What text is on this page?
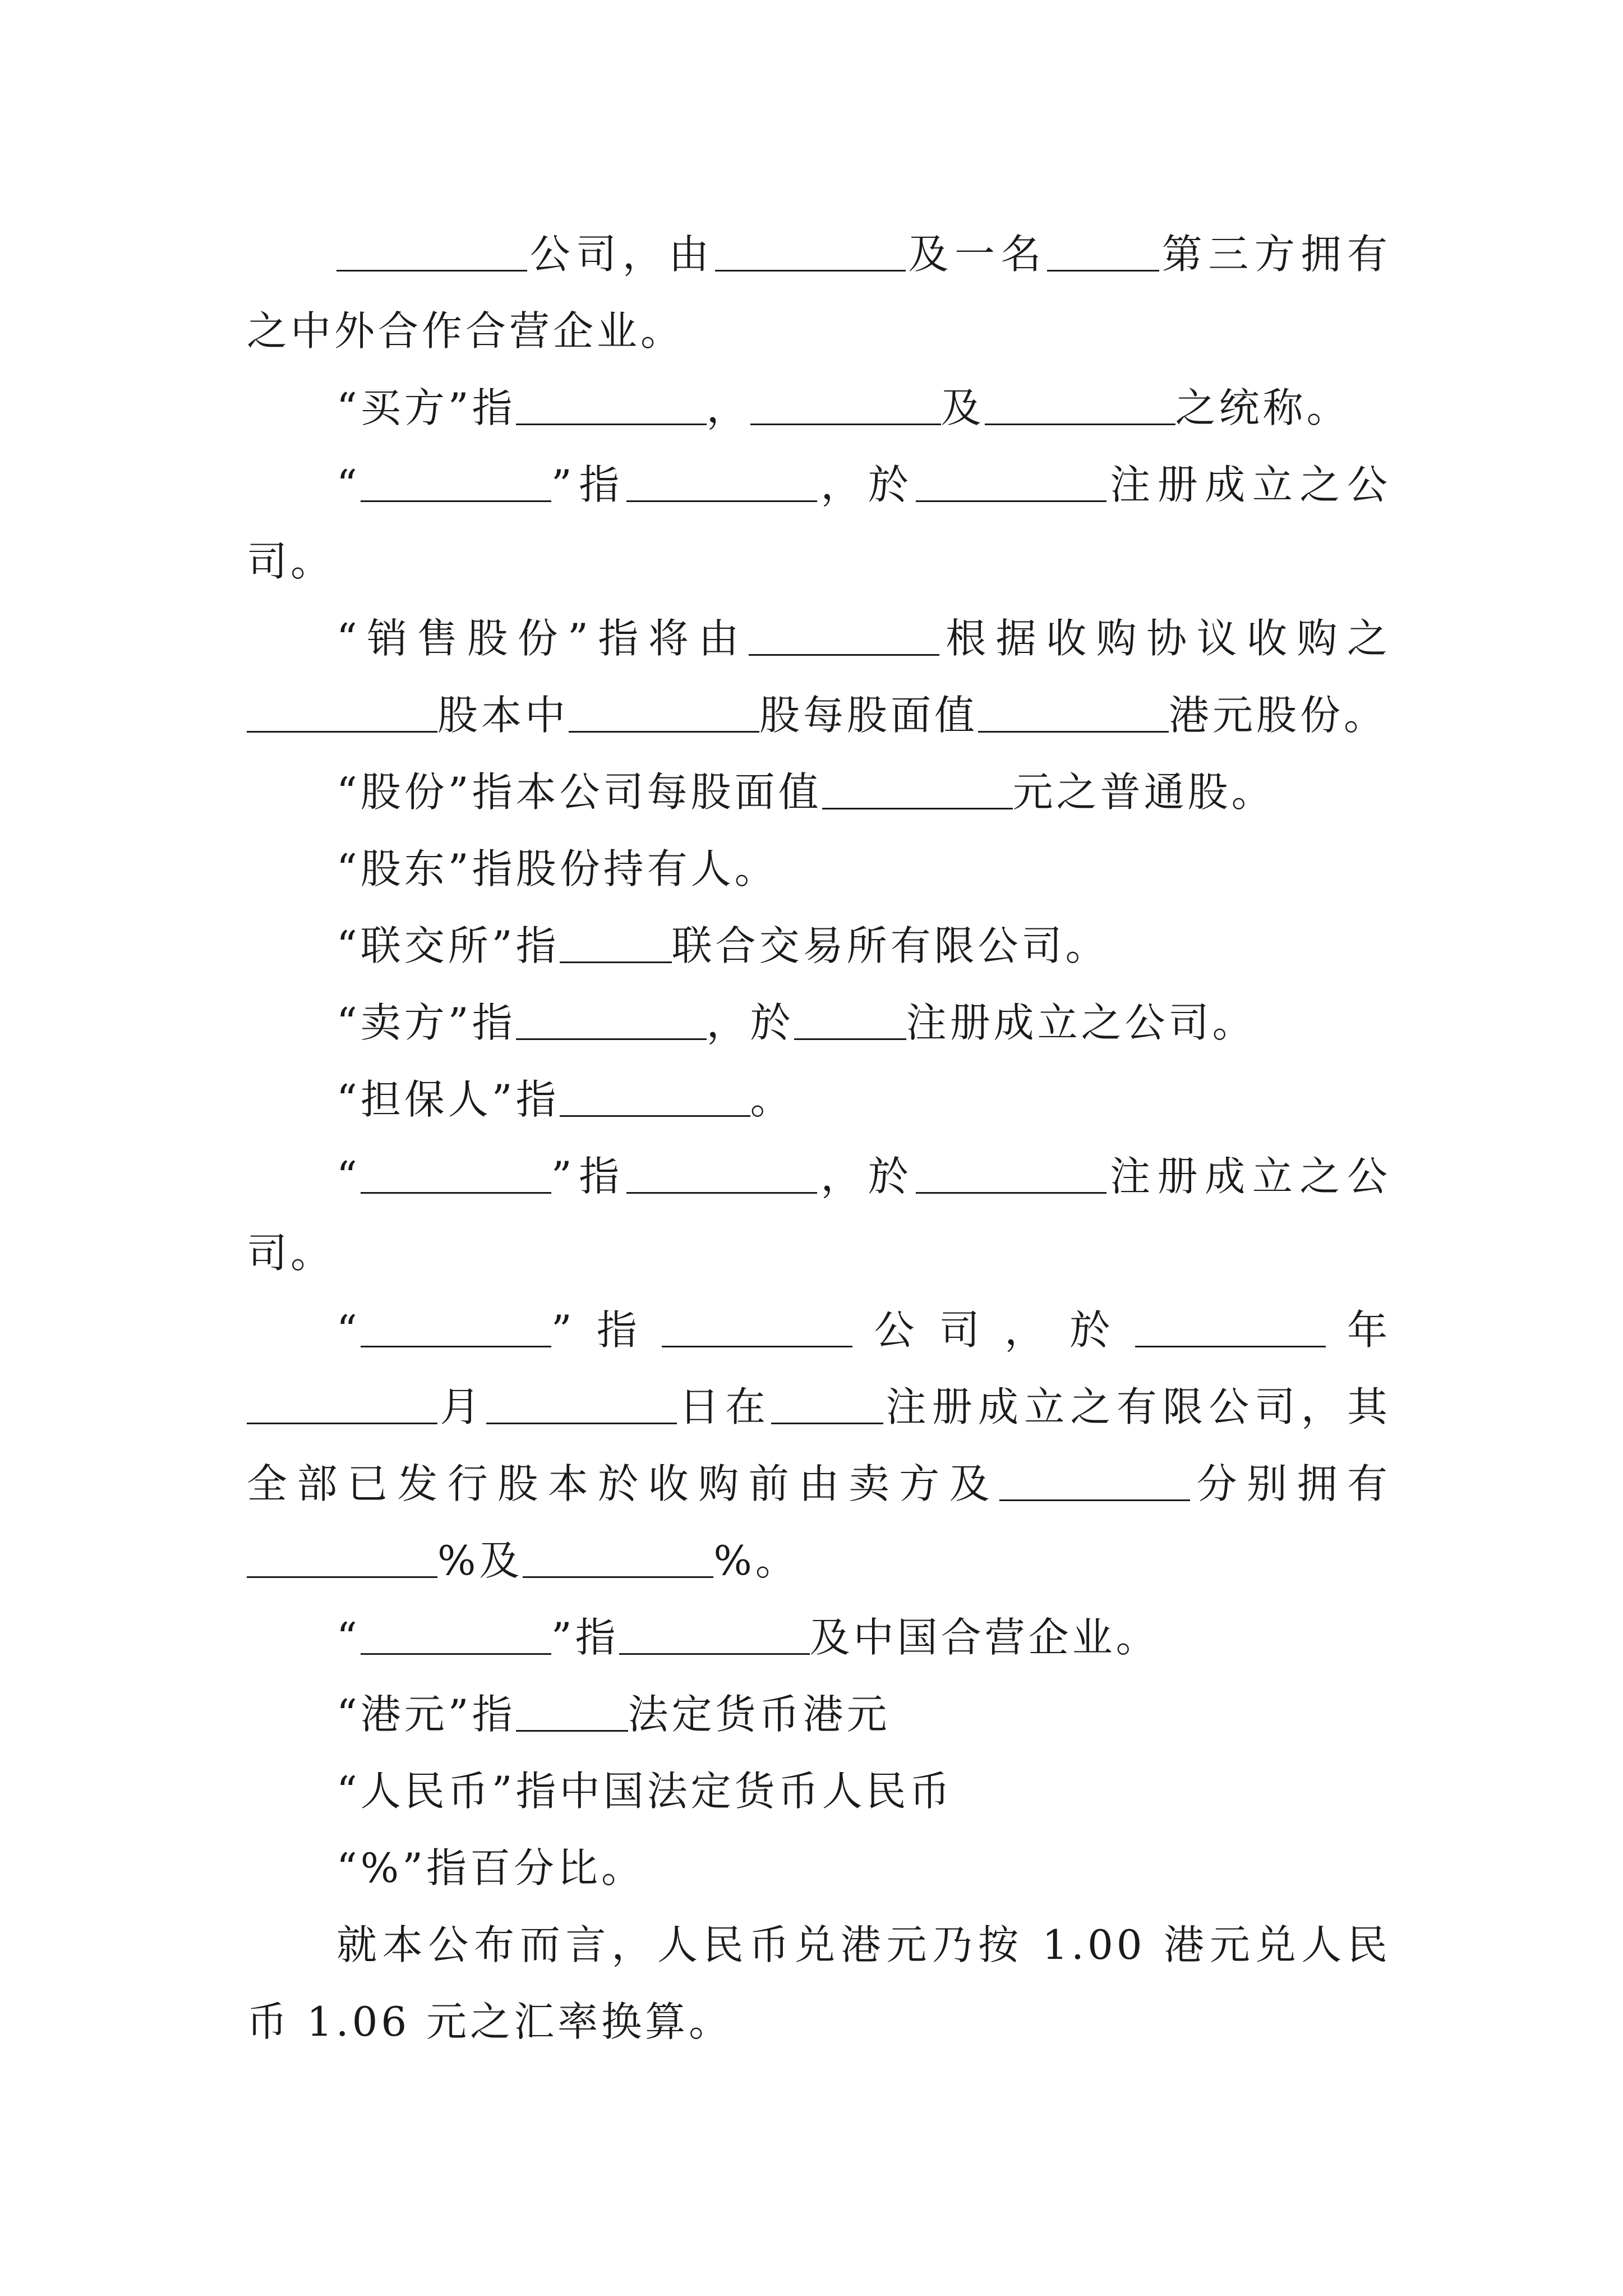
公司，由	及一名	第三方拥有之中外合作合营企业。

“买方”指	，	及	之统称。

“	”指	，於	注册成立之公司。

“销售股份”指将由	根据收购协议收购之股本中	股每股面值	港元股份。

“股份”指本公司每股面值	元之普通股。

“股东”指股份持有人。

“联交所”指	联合交易所有限公司。

“卖方”指	，於	注册成立之公司。

“担保人”指	。

“	”指	，於	注册成立之公司。

“	”指	公司，於	年月	日在	注册成立之有限公司，其全部已发行股本於收购前由卖方及	分别拥有%及	%。

“	”指	及中国合营企业。

“港元”指	法定货币港元

“人民币”指中国法定货币人民币

“%”指百分比。

就本公布而言，人民币兑港元乃按 1.00 港元兑人民币 1.06 元之汇率换算。
